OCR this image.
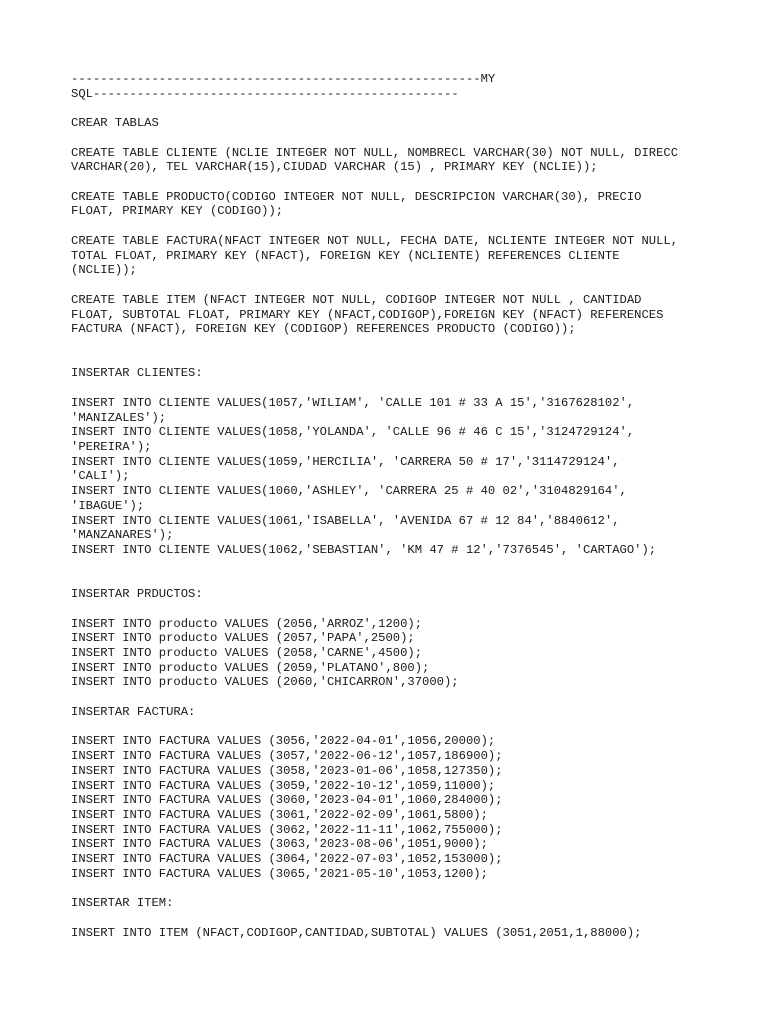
--------------------------------------------------------MY
SQL--------------------------------------------------
CREAR TABLAS
CREATE TABLE CLIENTE (NCLIE INTEGER NOT NULL, NOMBRECL VARCHAR(30) NOT NULL, DIRECC
VARCHAR(20), TEL VARCHAR(15),CIUDAD VARCHAR (15) , PRIMARY KEY (NCLIE));
CREATE TABLE PRODUCTO(CODIGO INTEGER NOT NULL, DESCRIPCION VARCHAR(30), PRECIO
FLOAT, PRIMARY KEY (CODIGO));
CREATE TABLE FACTURA(NFACT INTEGER NOT NULL, FECHA DATE, NCLIENTE INTEGER NOT NULL,
TOTAL FLOAT, PRIMARY KEY (NFACT), FOREIGN KEY (NCLIENTE) REFERENCES CLIENTE
(NCLIE));
CREATE TABLE ITEM (NFACT INTEGER NOT NULL, CODIGOP INTEGER NOT NULL , CANTIDAD
FLOAT, SUBTOTAL FLOAT, PRIMARY KEY (NFACT,CODIGOP),FOREIGN KEY (NFACT) REFERENCES
FACTURA (NFACT), FOREIGN KEY (CODIGOP) REFERENCES PRODUCTO (CODIGO));
INSERTAR CLIENTES:
INSERT INTO CLIENTE VALUES(1057,'WILIAM', 'CALLE 101 # 33 A 15','3167628102',
'MANIZALES');
INSERT INTO CLIENTE VALUES(1058,'YOLANDA', 'CALLE 96 # 46 C 15','3124729124',
'PEREIRA');
INSERT INTO CLIENTE VALUES(1059,'HERCILIA', 'CARRERA 50 # 17','3114729124',
'CALI');
INSERT INTO CLIENTE VALUES(1060,'ASHLEY', 'CARRERA 25 # 40 02','3104829164',
'IBAGUE');
INSERT INTO CLIENTE VALUES(1061,'ISABELLA', 'AVENIDA 67 # 12 84','8840612',
'MANZANARES');
INSERT INTO CLIENTE VALUES(1062,'SEBASTIAN', 'KM 47 # 12','7376545', 'CARTAGO');
INSERTAR PRDUCTOS:
INSERT INTO producto VALUES (2056,'ARROZ',1200);
INSERT INTO producto VALUES (2057,'PAPA',2500);
INSERT INTO producto VALUES (2058,'CARNE',4500);
INSERT INTO producto VALUES (2059,'PLATANO',800);
INSERT INTO producto VALUES (2060,'CHICARRON',37000);
INSERTAR FACTURA:
INSERT INTO FACTURA VALUES (3056,'2022-04-01',1056,20000);
INSERT INTO FACTURA VALUES (3057,'2022-06-12',1057,186900);
INSERT INTO FACTURA VALUES (3058,'2023-01-06',1058,127350);
INSERT INTO FACTURA VALUES (3059,'2022-10-12',1059,11000);
INSERT INTO FACTURA VALUES (3060,'2023-04-01',1060,284000);
INSERT INTO FACTURA VALUES (3061,'2022-02-09',1061,5800);
INSERT INTO FACTURA VALUES (3062,'2022-11-11',1062,755000);
INSERT INTO FACTURA VALUES (3063,'2023-08-06',1051,9000);
INSERT INTO FACTURA VALUES (3064,'2022-07-03',1052,153000);
INSERT INTO FACTURA VALUES (3065,'2021-05-10',1053,1200);
INSERTAR ITEM:
INSERT INTO ITEM (NFACT,CODIGOP,CANTIDAD,SUBTOTAL) VALUES (3051,2051,1,88000);
